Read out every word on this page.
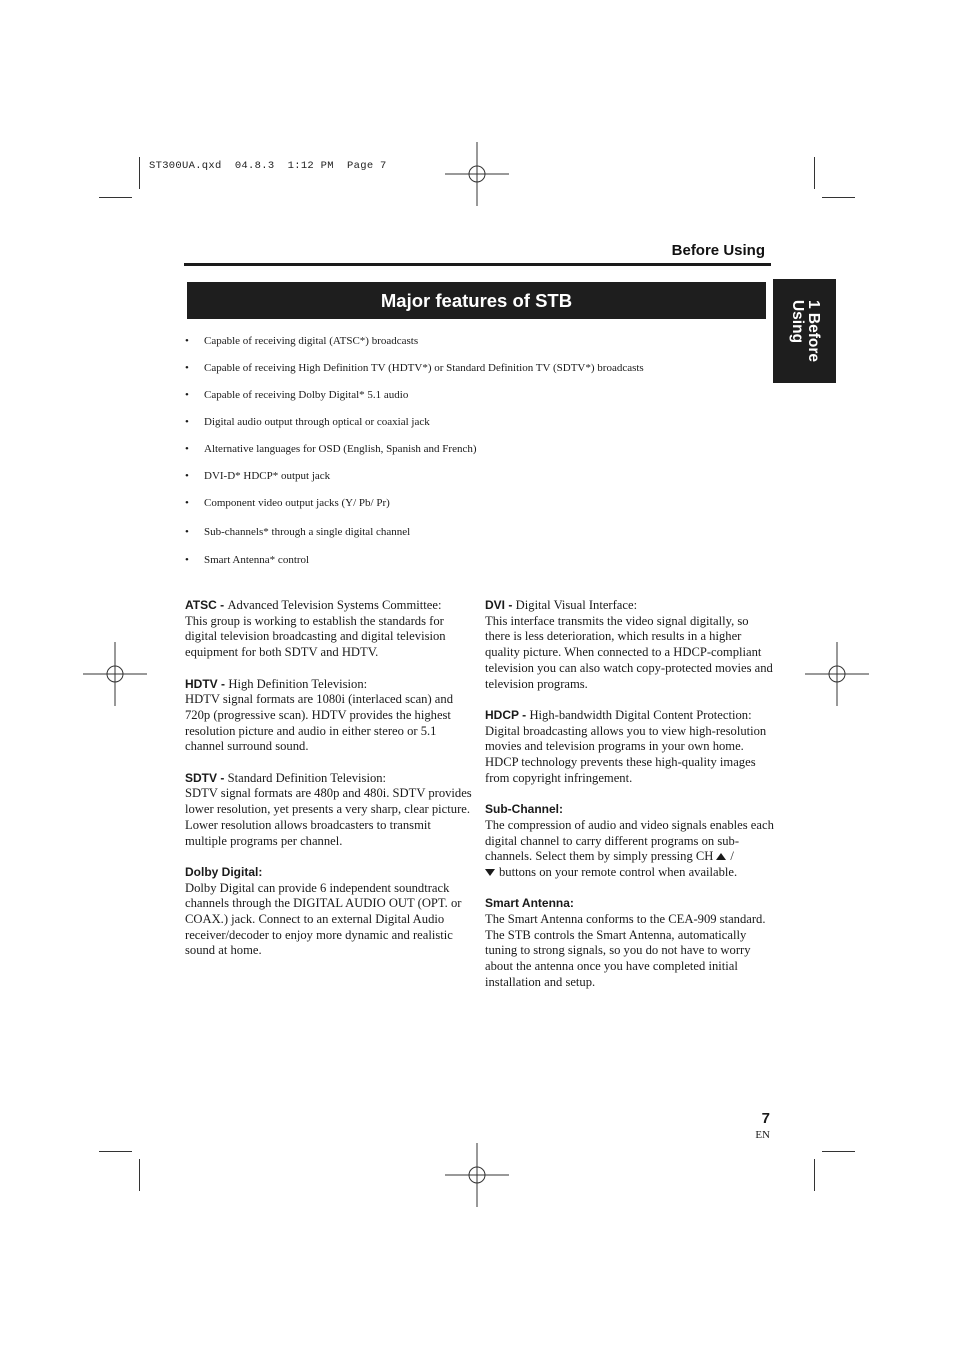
ST300UA.qxd  04.8.3  1:12 PM  Page 7
Before Using
Major features of STB	1 Before
Using
• Capable of receiving digital (ATSC*) broadcasts
• Capable of receiving High Definition TV (HDTV*) or Standard Definition TV (SDTV*) broadcasts
• Capable of receiving Dolby Digital* 5.1 audio
• Digital audio output through optical or coaxial jack
• Alternative languages for OSD (English, Spanish and French)
• DVI-D* HDCP* output jack
• Component video output jacks (Y/ Pb/ Pr)
• Sub-channels* through a single digital channel
• Smart Antenna* control
ATSC - Advanced Television Systems Committee:
This group is working to establish the standards for digital television broadcasting and digital television equipment for both SDTV and HDTV.
HDTV - High Definition Television:
HDTV signal formats are 1080i (interlaced scan) and 720p (progressive scan). HDTV provides the highest resolution picture and audio in either stereo or 5.1 channel surround sound.
SDTV - Standard Definition Television:
SDTV signal formats are 480p and 480i. SDTV provides lower resolution, yet presents a very sharp, clear picture. Lower resolution allows broadcasters to transmit multiple programs per channel.
Dolby Digital:
Dolby Digital can provide 6 independent soundtrack channels through the DIGITAL AUDIO OUT (OPT. or COAX.) jack. Connect to an external Digital Audio receiver/decoder to enjoy more dynamic and realistic sound at home.
DVI - Digital Visual Interface:
This interface transmits the video signal digitally, so there is less deterioration, which results in a higher quality picture. When connected to a HDCP-compliant television you can also watch copy-protected movies and television programs.
HDCP - High-bandwidth Digital Content Protection:
Digital broadcasting allows you to view high-resolution movies and television programs in your own home. HDCP technology prevents these high-quality images from copyright infringement.
Sub-Channel:
The compression of audio and video signals enables each digital channel to carry different programs on sub-channels. Select them by simply pressing CH /
buttons on your remote control when available.
Smart Antenna:
The Smart Antenna conforms to the CEA-909 standard. The STB controls the Smart Antenna, automatically tuning to strong signals, so you do not have to worry about the antenna once you have completed initial installation and setup.
7
EN
